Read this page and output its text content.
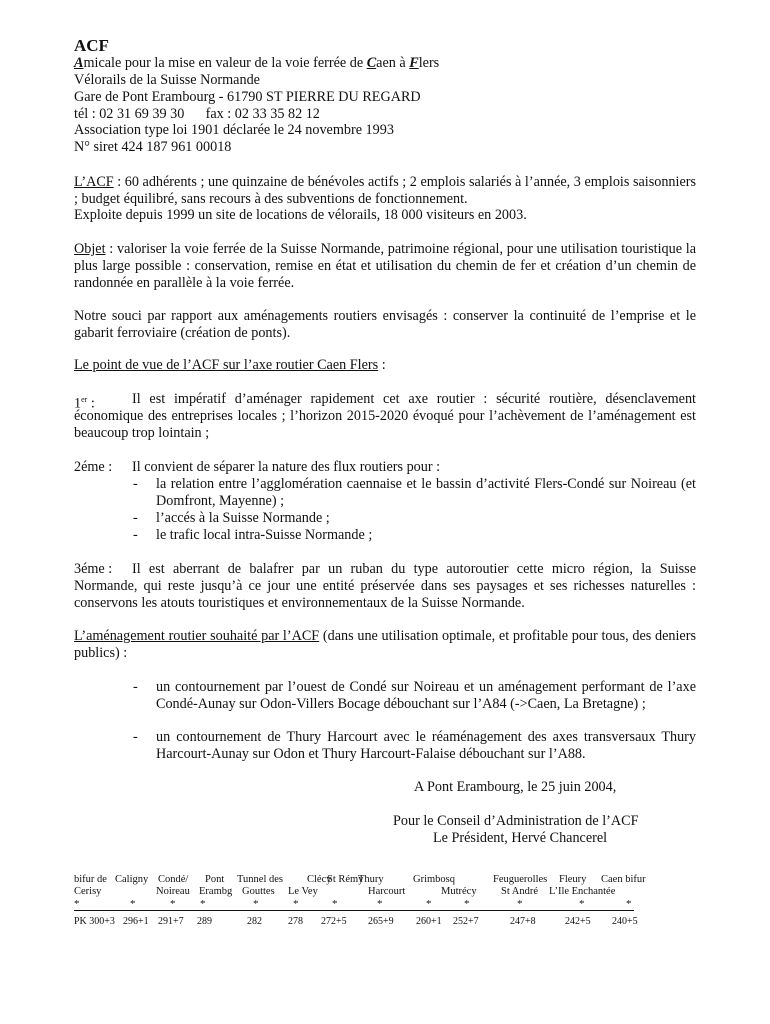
ACF
Amicale pour la mise en valeur de la voie ferrée de Caen à Flers
Vélorails de la Suisse Normande
Gare de Pont Erambourg - 61790 ST PIERRE DU REGARD
tél : 02 31 69 39 30      fax : 02 33 35 82 12
Association type loi 1901 déclarée le 24 novembre 1993
N° siret 424 187 961 00018
L’ACF : 60 adhérents ; une quinzaine de bénévoles actifs ; 2 emplois salariés à l’année, 3 emplois saisonniers ; budget équilibré, sans recours à des subventions de fonctionnement.
Exploite depuis 1999 un site de locations de vélorails, 18 000 visiteurs en 2003.
Objet : valoriser la voie ferrée de la Suisse Normande, patrimoine régional, pour une utilisation touristique la plus large possible : conservation, remise en état et utilisation du chemin de fer et création d’un chemin de randonnée en parallèle à la voie ferrée.
Notre souci par rapport aux aménagements routiers envisagés : conserver la continuité de l’emprise et le gabarit ferroviaire (création de ponts).
Le point de vue de l’ACF sur l’axe routier Caen Flers :
1er :	Il est impératif d’aménager rapidement cet axe routier : sécurité routière, désenclavement
économique des entreprises locales ; l’horizon 2015-2020 évoqué pour l’achèvement de l’aménagement est beaucoup trop lointain ;
2éme : Il convient de séparer la nature des flux routiers pour :
- la relation entre l’agglomération caennaise et le bassin d’activité Flers-Condé sur Noireau (et Domfront, Mayenne) ;
- l’accés à la Suisse Normande ;
- le trafic local intra-Suisse Normande ;
3éme : Il est aberrant de balafrer par un ruban du type autoroutier cette micro région, la Suisse
Normande, qui reste jusqu’à ce jour une entité préservée dans ses paysages et ses richesses naturelles : conservons les atouts touristiques et environnementaux de la Suisse Normande.
L’aménagement routier souhaité par l’ACF (dans une utilisation optimale, et profitable pour tous, des deniers publics) :
- un contournement par l’ouest de Condé sur Noireau et un aménagement performant de l’axe Condé-Aunay sur Odon-Villers Bocage débouchant sur l’A84 (->Caen, La Bretagne) ;
- un contournement de Thury Harcourt avec le réaménagement des axes transversaux Thury Harcourt-Aunay sur Odon et Thury Harcourt-Falaise débouchant sur l’A88.
A Pont Erambourg, le 25 juin 2004,
Pour le Conseil d’Administration de l’ACF
Le Président, Hervé Chancerel
bifur de
Cerisy
*
PK 300+3
Caligny
*
296+1
Condé/
Noireau
*
291+7
Pont
Erambg
*
289
Tunnel des
Gouttes
*
282
Clécy
Le Vey
*
278
St Rémy
*
272+5
Thury
Harcourt
*
265+9
Grimbosq
*
260+1
Mutrécy
*
252+7
Feuguerolles
St André
*
247+8
Fleury
L’Ile Enchantée
*
242+5
Caen bifur
*
240+5
